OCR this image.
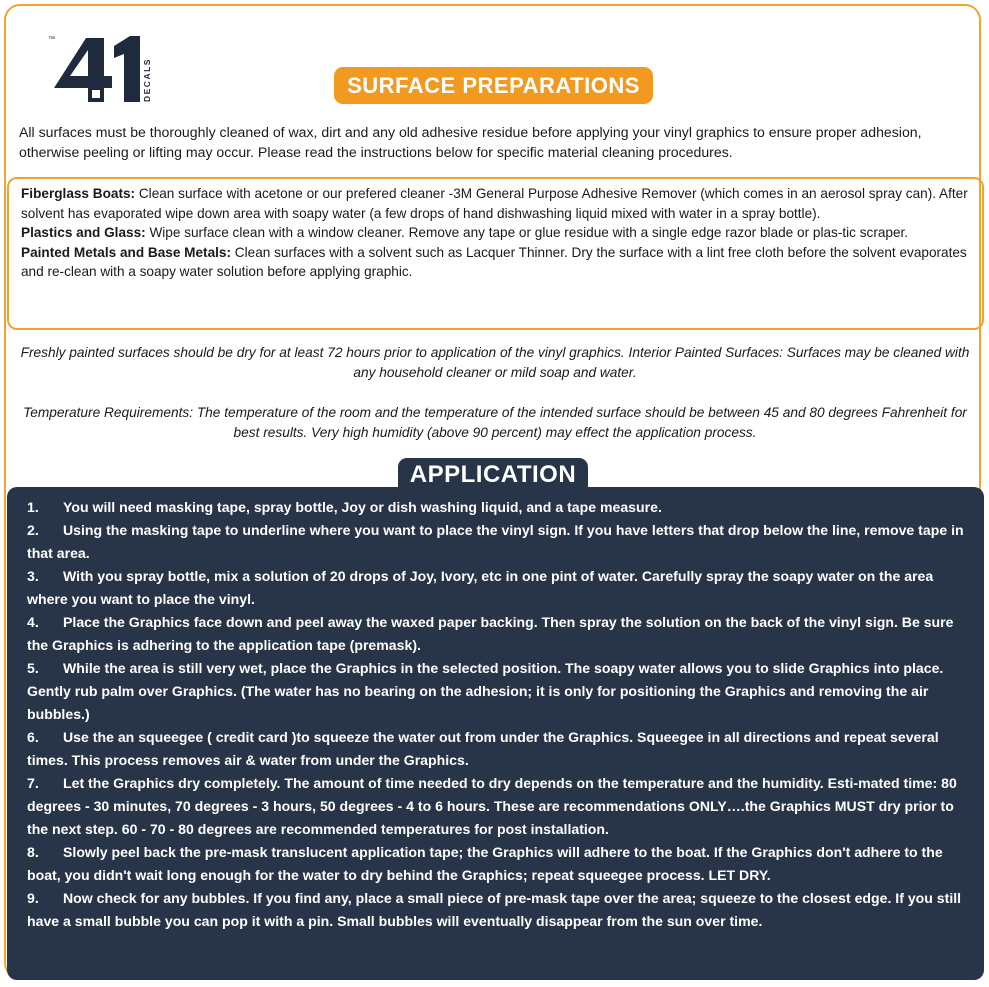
™
DECALS	SURFACE PREPARATIONS
All surfaces must be thoroughly cleaned of wax, dirt and any old adhesive residue before applying your vinyl graphics to ensure proper adhesion, otherwise peeling or lifting may occur. Please read the instructions below for specific material cleaning procedures.

Fiberglass Boats: Clean surface with acetone or our prefered cleaner -3M General Purpose Adhesive Remover (which comes in an aerosol spray can). After solvent has evaporated wipe down area with soapy water (a few drops of hand dishwashing liquid mixed with water in a spray bottle).

Plastics and Glass: Wipe surface clean with a window cleaner. Remove any tape or glue residue with a single edge razor blade or plas-tic scraper.

Painted Metals and Base Metals: Clean surfaces with a solvent such as Lacquer Thinner. Dry the surface with a lint free cloth before the solvent evaporates and re-clean with a soapy water solution before applying graphic.

Freshly painted surfaces should be dry for at least 72 hours prior to application of the vinyl graphics. Interior Painted Surfaces: Surfaces may be cleaned with any household cleaner or mild soap and water.
Temperature Requirements: The temperature of the room and the temperature of the intended surface should be between 45 and 80 degrees Fahrenheit for best results. Very high humidity (above 90 percent) may effect the application process.

1. You will need masking tape, spray bottle, Joy or dish washing liquid, and a tape measure.

2. Using the masking tape to underline where you want to place the vinyl sign. If you have letters that drop below the line, remove tape in that area.

3. With you spray bottle, mix a solution of 20 drops of Joy, Ivory, etc in one pint of water. Carefully spray the soapy water on the area where you want to place the vinyl.

4. Place the Graphics face down and peel away the waxed paper backing. Then spray the solution on the back of the vinyl sign. Be sure the Graphics is adhering to the application tape (premask).

5. While the area is still very wet, place the Graphics in the selected position. The soapy water allows you to slide Graphics into place. Gently rub palm over Graphics. (The water has no bearing on the adhesion; it is only for positioning the Graphics and removing the air bubbles.)

6. Use the an squeegee ( credit card )to squeeze the water out from under the Graphics. Squeegee in all directions and repeat several times. This process removes air & water from under the Graphics.

7. Let the Graphics dry completely. The amount of time needed to dry depends on the temperature and the humidity. Esti-mated time: 80 degrees - 30 minutes, 70 degrees - 3 hours, 50 degrees - 4 to 6 hours. These are recommendations ONLY….the Graphics MUST dry prior to the next step. 60 - 70 - 80 degrees are recommended temperatures for post installation.

8. Slowly peel back the pre-mask translucent application tape; the Graphics will adhere to the boat. If the Graphics don't adhere to the boat, you didn't wait long enough for the water to dry behind the Graphics; repeat squeegee process. LET DRY.

9. Now check for any bubbles. If you find any, place a small piece of pre-mask tape over the area; squeeze to the closest edge. If you still have a small bubble you can pop it with a pin. Small bubbles will eventually disappear from the sun over time.

APPLICATION
